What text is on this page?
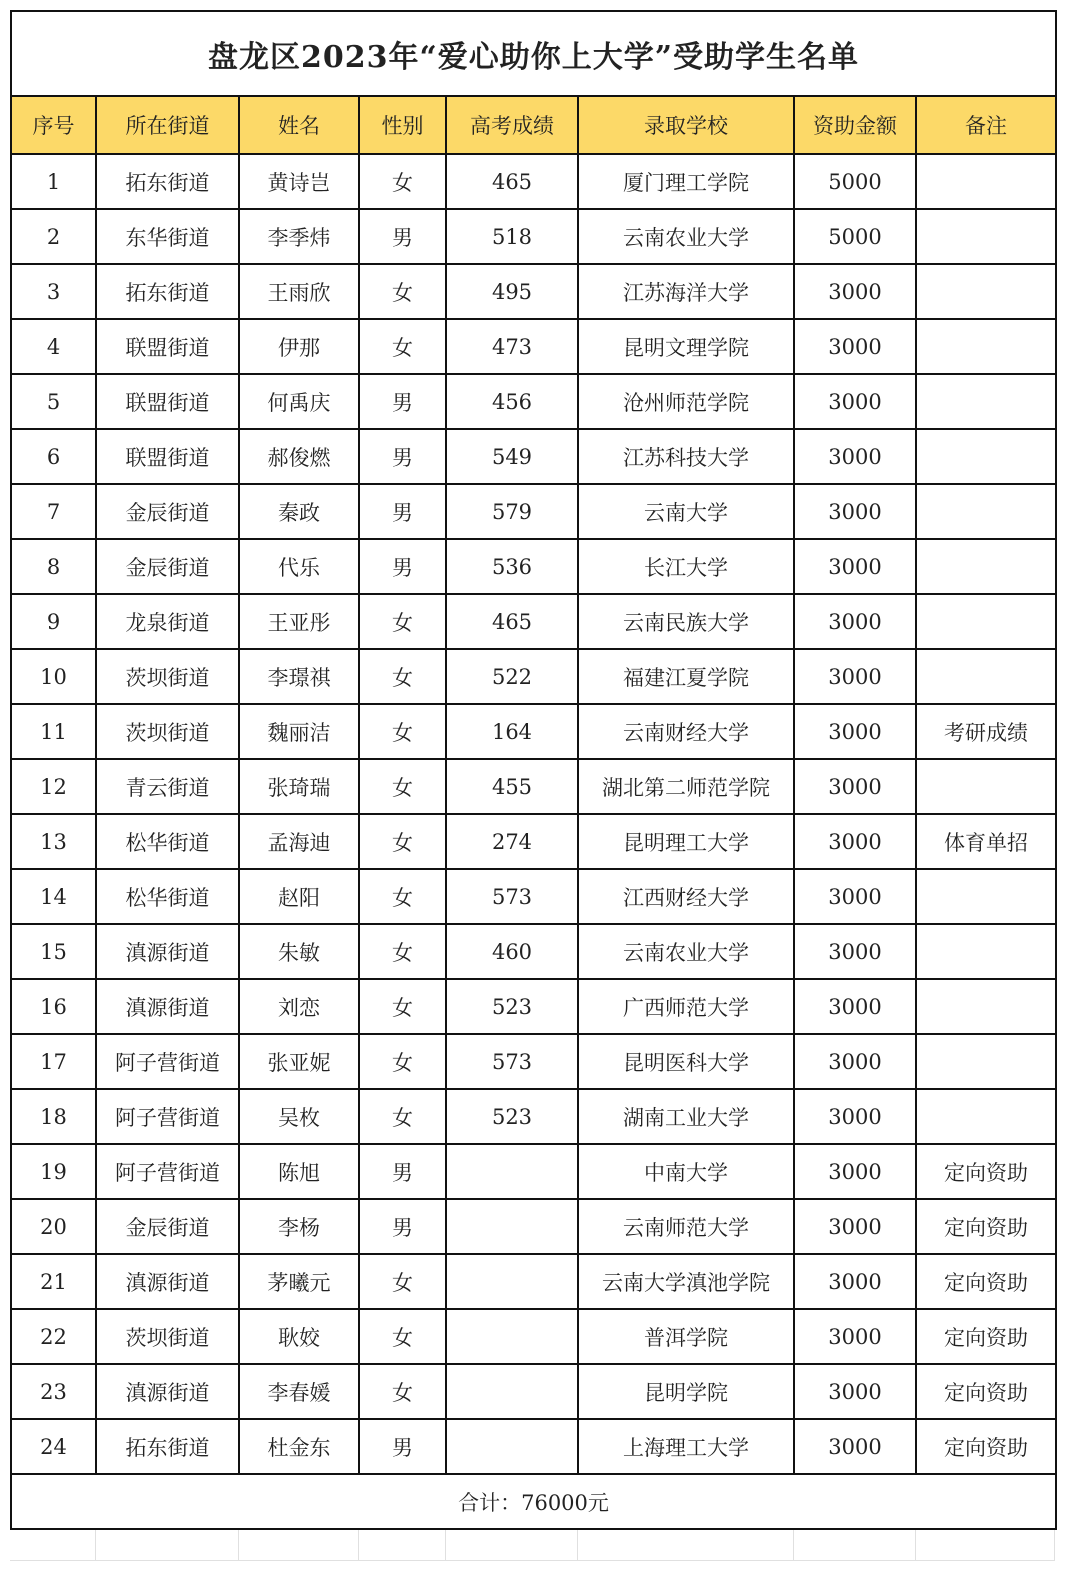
盘龙区2023年“爱心助你上大学”受助学生名单							
序号	所在街道	姓名	性别	高考成绩	录取学校	资助金额	备注
1	拓东街道	黄诗岂	女	465	厦门理工学院	5000	
2	东华街道	李季炜	男	518	云南农业大学	5000	
3	拓东街道	王雨欣	女	495	江苏海洋大学	3000	
4	联盟街道	伊那	女	473	昆明文理学院	3000	
5	联盟街道	何禹庆	男	456	沧州师范学院	3000	
6	联盟街道	郝俊燃	男	549	江苏科技大学	3000	
7	金辰街道	秦政	男	579	云南大学	3000	
8	金辰街道	代乐	男	536	长江大学	3000	
9	龙泉街道	王亚彤	女	465	云南民族大学	3000	
10	茨坝街道	李璟祺	女	522	福建江夏学院	3000	
11	茨坝街道	魏丽洁	女	164	云南财经大学	3000	考研成绩
12	青云街道	张琦瑞	女	455	湖北第二师范学院	3000	
13	松华街道	孟海迪	女	274	昆明理工大学	3000	体育单招
14	松华街道	赵阳	女	573	江西财经大学	3000	
15	滇源街道	朱敏	女	460	云南农业大学	3000	
16	滇源街道	刘恋	女	523	广西师范大学	3000	
17	阿子营街道	张亚妮	女	573	昆明医科大学	3000	
18	阿子营街道	吴枚	女	523	湖南工业大学	3000	
19	阿子营街道	陈旭	男		中南大学	3000	定向资助
20	金辰街道	李杨	男		云南师范大学	3000	定向资助
21	滇源街道	茅曦元	女		云南大学滇池学院	3000	定向资助
22	茨坝街道	耿姣	女		普洱学院	3000	定向资助
23	滇源街道	李春媛	女		昆明学院	3000	定向资助
24	拓东街道	杜金东	男		上海理工大学	3000	定向资助
合计：76000元							
